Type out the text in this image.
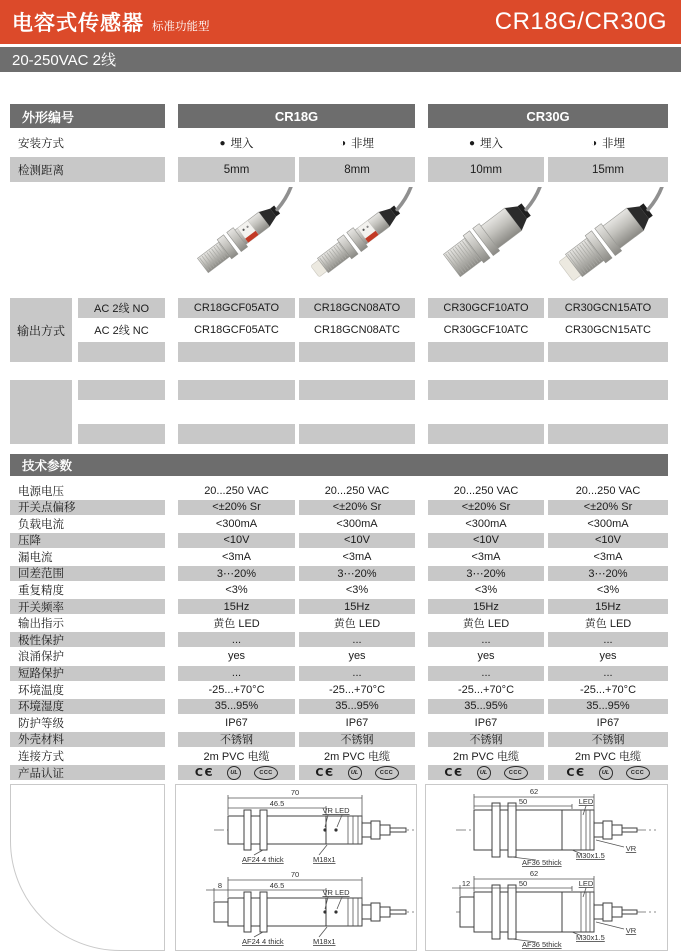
电容式传感器 标准功能型	CR18G/CR30G
20-250VAC 2线
外形编号	CR18G	CR30G
安装方式	● 埋入	◑ 非埋	● 埋入	◑ 非埋
检测距离	5mm	8mm	10mm	15mm
输出方式
AC 2线 NO	CR18GCF05ATO	CR18GCN08ATO	CR30GCF10ATO	CR30GCN15ATO
AC 2线 NC	CR18GCF05ATC	CR18GCN08ATC	CR30GCF10ATC	CR30GCN15ATC
技术参数
电源电压	20...250 VAC	20...250 VAC	20...250 VAC	20...250 VAC
开关点偏移	<±20% Sr	<±20% Sr	<±20% Sr	<±20% Sr
负载电流	<300mA	<300mA	<300mA	<300mA
压降	<10V	<10V	<10V	<10V
漏电流	<3mA	<3mA	<3mA	<3mA
回差范围	3⋯20%	3⋯20%	3⋯20%	3⋯20%
重复精度	<3%	<3%	<3%	<3%
开关频率	15Hz	15Hz	15Hz	15Hz
输出指示	黄色 LED	黄色 LED	黄色 LED	黄色 LED
极性保护	...	...	...	...
浪涌保护	yes	yes	yes	yes
短路保护	...	...	...	...
环境温度	-25...+70°C	-25...+70°C	-25...+70°C	-25...+70°C
环境湿度	35...95%	35...95%	35...95%	35...95%
防护等级	IP67	IP67	IP67	IP67
外壳材料	不锈钢	不锈钢	不锈钢	不锈钢
连接方式	2m PVC 电缆	2m PVC 电缆	2m PVC 电缆	2m PVC 电缆
产品认证	CЄ	UL	CCC	CЄ	UL	CCC	CЄ	UL	CCC	CЄ	UL	CCC
70
46.5
VR LED
AF24 4 thick	M18x1
70
46.5
8
VR LED
AF24 4 thick	M18x1
62
50	LED
VR
M30x1.5
AF36 5thick
62
50
12	LED
VR
M30x1.5
AF36 5thick
